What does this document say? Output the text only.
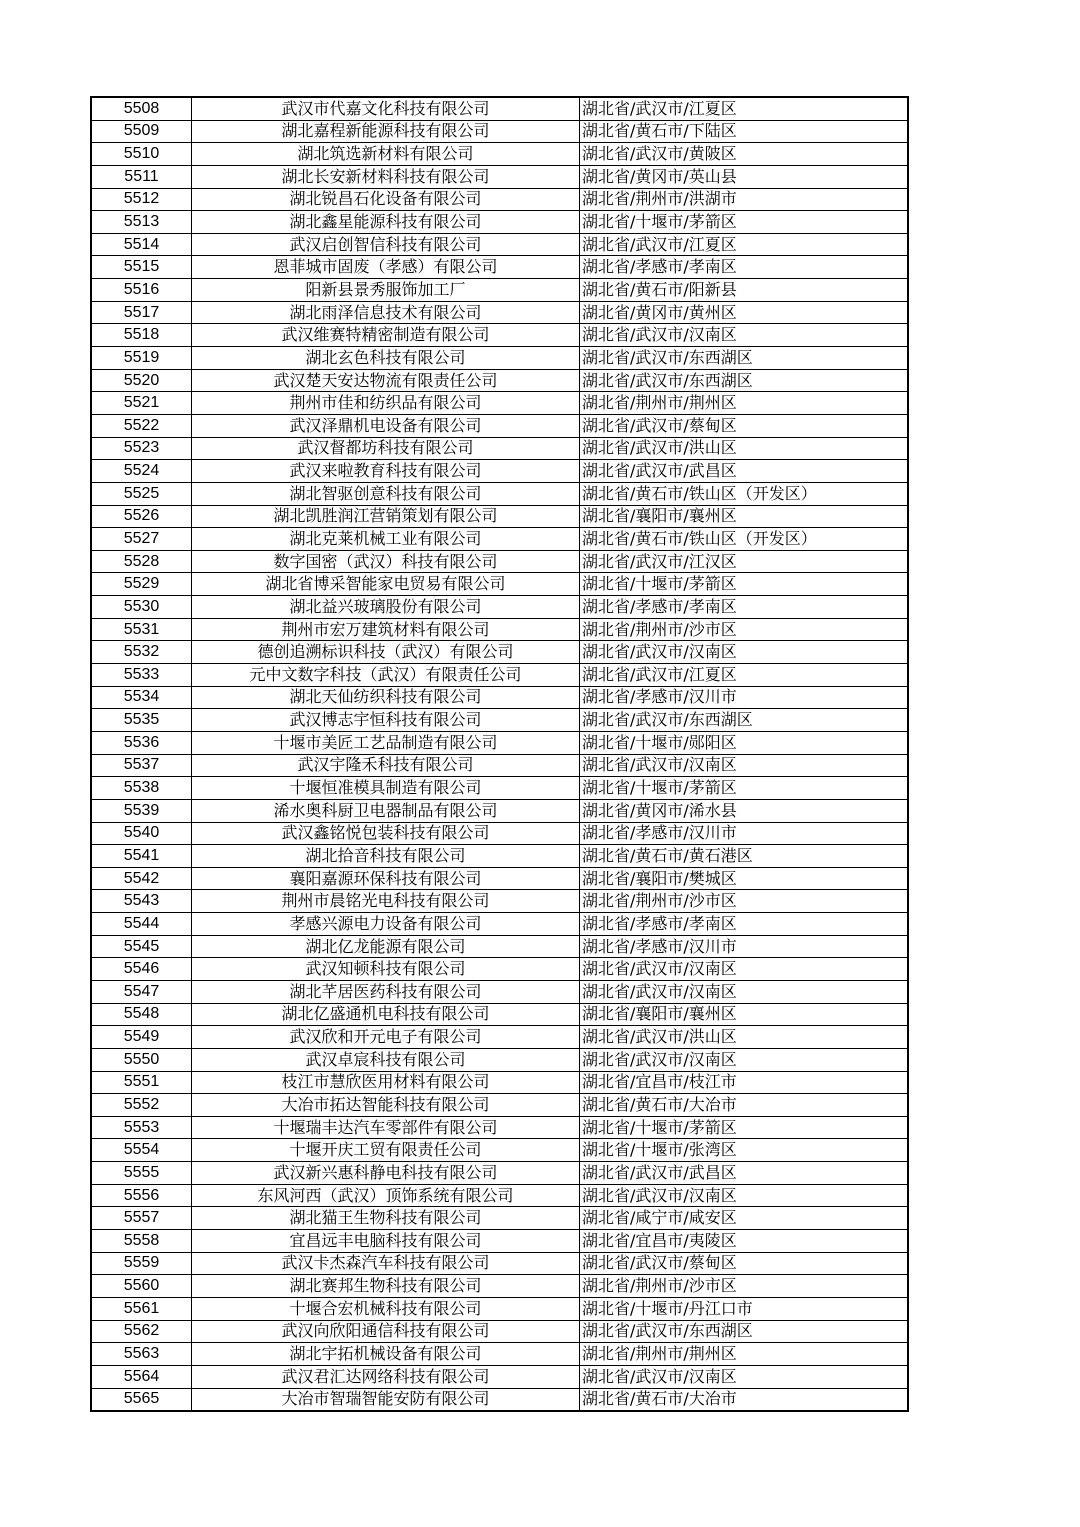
5508	武汉市代嘉文化科技有限公司	湖北省/武汉市/江夏区
5509	湖北嘉程新能源科技有限公司	湖北省/黄石市/下陆区
5510	湖北筑选新材料有限公司	湖北省/武汉市/黄陂区
5511	湖北长安新材料科技有限公司	湖北省/黄冈市/英山县
5512	湖北锐昌石化设备有限公司	湖北省/荆州市/洪湖市
5513	湖北鑫星能源科技有限公司	湖北省/十堰市/茅箭区
5514	武汉启创智信科技有限公司	湖北省/武汉市/江夏区
5515	恩菲城市固废（孝感）有限公司	湖北省/孝感市/孝南区
5516	阳新县景秀服饰加工厂	湖北省/黄石市/阳新县
5517	湖北雨泽信息技术有限公司	湖北省/黄冈市/黄州区
5518	武汉维赛特精密制造有限公司	湖北省/武汉市/汉南区
5519	湖北玄色科技有限公司	湖北省/武汉市/东西湖区
5520	武汉楚天安达物流有限责任公司	湖北省/武汉市/东西湖区
5521	荆州市佳和纺织品有限公司	湖北省/荆州市/荆州区
5522	武汉泽鼎机电设备有限公司	湖北省/武汉市/蔡甸区
5523	武汉督都坊科技有限公司	湖北省/武汉市/洪山区
5524	武汉来啦教育科技有限公司	湖北省/武汉市/武昌区
5525	湖北智驱创意科技有限公司	湖北省/黄石市/铁山区（开发区）
5526	湖北凯胜润江营销策划有限公司	湖北省/襄阳市/襄州区
5527	湖北克莱机械工业有限公司	湖北省/黄石市/铁山区（开发区）
5528	数字国密（武汉）科技有限公司	湖北省/武汉市/江汉区
5529	湖北省博采智能家电贸易有限公司	湖北省/十堰市/茅箭区
5530	湖北益兴玻璃股份有限公司	湖北省/孝感市/孝南区
5531	荆州市宏万建筑材料有限公司	湖北省/荆州市/沙市区
5532	德创追溯标识科技（武汉）有限公司	湖北省/武汉市/汉南区
5533	元中文数字科技（武汉）有限责任公司	湖北省/武汉市/江夏区
5534	湖北天仙纺织科技有限公司	湖北省/孝感市/汉川市
5535	武汉博志宇恒科技有限公司	湖北省/武汉市/东西湖区
5536	十堰市美匠工艺品制造有限公司	湖北省/十堰市/郧阳区
5537	武汉宇隆禾科技有限公司	湖北省/武汉市/汉南区
5538	十堰恒准模具制造有限公司	湖北省/十堰市/茅箭区
5539	浠水奥科厨卫电器制品有限公司	湖北省/黄冈市/浠水县
5540	武汉鑫铭悦包装科技有限公司	湖北省/孝感市/汉川市
5541	湖北拾音科技有限公司	湖北省/黄石市/黄石港区
5542	襄阳嘉源环保科技有限公司	湖北省/襄阳市/樊城区
5543	荆州市晨铭光电科技有限公司	湖北省/荆州市/沙市区
5544	孝感兴源电力设备有限公司	湖北省/孝感市/孝南区
5545	湖北亿龙能源有限公司	湖北省/孝感市/汉川市
5546	武汉知顿科技有限公司	湖北省/武汉市/汉南区
5547	湖北芊居医药科技有限公司	湖北省/武汉市/汉南区
5548	湖北亿盛通机电科技有限公司	湖北省/襄阳市/襄州区
5549	武汉欣和开元电子有限公司	湖北省/武汉市/洪山区
5550	武汉卓宸科技有限公司	湖北省/武汉市/汉南区
5551	枝江市慧欣医用材料有限公司	湖北省/宜昌市/枝江市
5552	大冶市拓达智能科技有限公司	湖北省/黄石市/大冶市
5553	十堰瑞丰达汽车零部件有限公司	湖北省/十堰市/茅箭区
5554	十堰开庆工贸有限责任公司	湖北省/十堰市/张湾区
5555	武汉新兴惠科静电科技有限公司	湖北省/武汉市/武昌区
5556	东风河西（武汉）顶饰系统有限公司	湖北省/武汉市/汉南区
5557	湖北猫王生物科技有限公司	湖北省/咸宁市/咸安区
5558	宜昌远丰电脑科技有限公司	湖北省/宜昌市/夷陵区
5559	武汉卡杰森汽车科技有限公司	湖北省/武汉市/蔡甸区
5560	湖北赛邦生物科技有限公司	湖北省/荆州市/沙市区
5561	十堰合宏机械科技有限公司	湖北省/十堰市/丹江口市
5562	武汉向欣阳通信科技有限公司	湖北省/武汉市/东西湖区
5563	湖北宇拓机械设备有限公司	湖北省/荆州市/荆州区
5564	武汉君汇达网络科技有限公司	湖北省/武汉市/汉南区
5565	大冶市智瑞智能安防有限公司	湖北省/黄石市/大冶市
